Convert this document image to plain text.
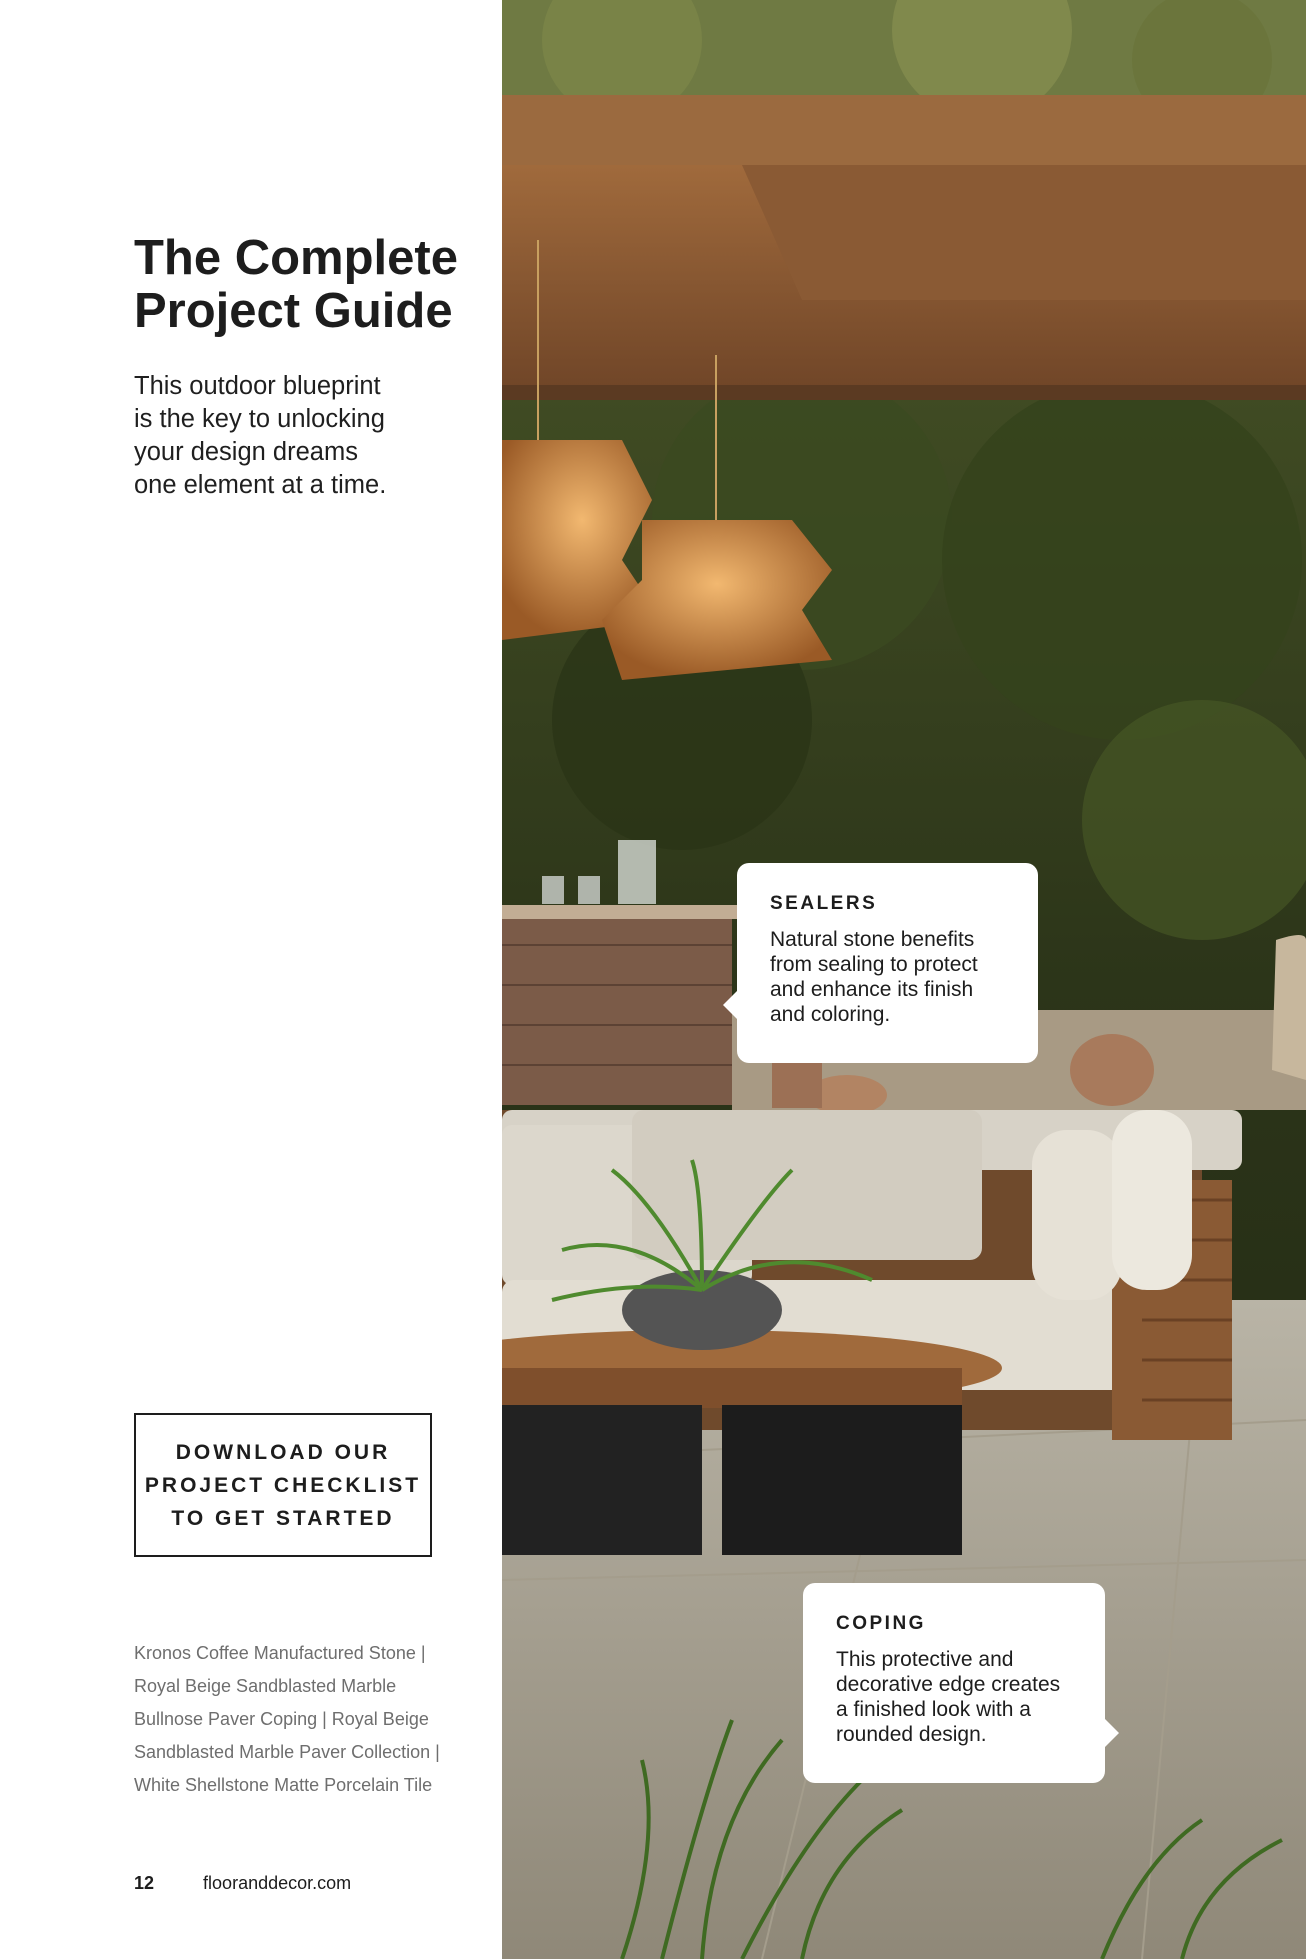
The Complete
Project Guide

This outdoor blueprint
is the key to unlocking
your design dreams
one element at a time.

DOWNLOAD OUR
PROJECT CHECKLIST
TO GET STARTED
Kronos Coffee Manufactured Stone |
Royal Beige Sandblasted Marble
Bullnose Paver Coping | Royal Beige
Sandblasted Marble Paver Collection |
White Shellstone Matte Porcelain Tile
12	flooranddecor.com
SEALERS
Natural stone benefits
from sealing to protect
and enhance its finish
and coloring.
COPING
This protective and
decorative edge creates
a finished look with a
rounded design.
